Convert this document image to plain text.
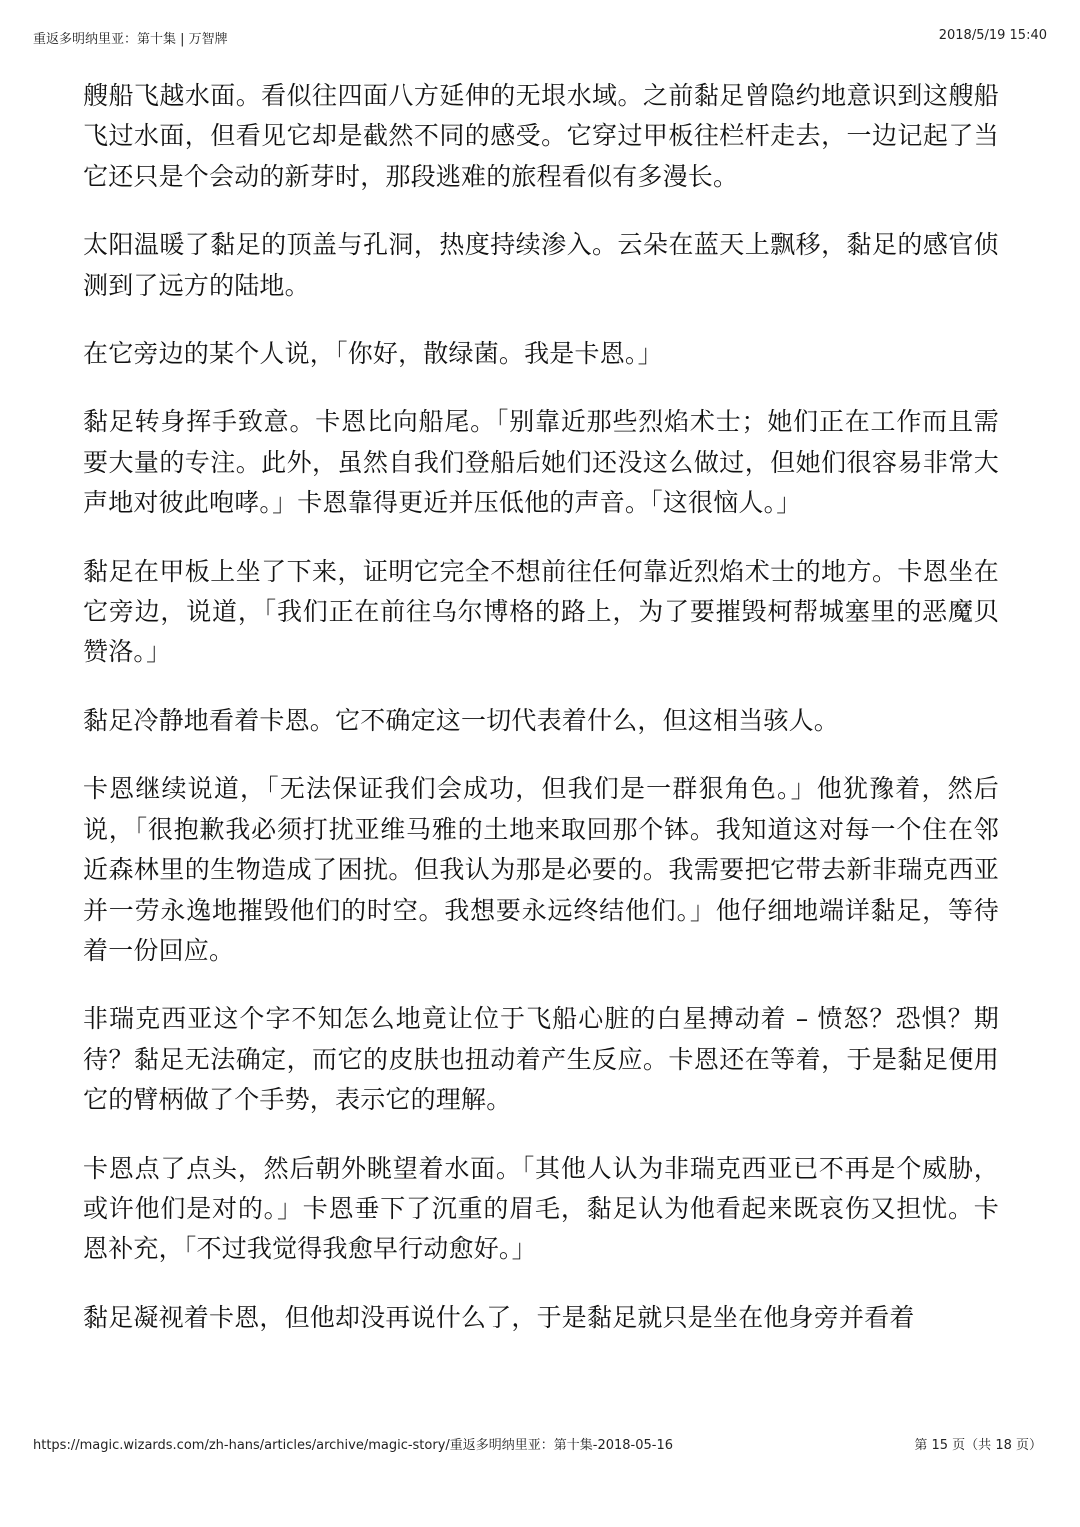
重返多明纳里亚：第十集 | 万智牌	2018/5/19 15:40

艘船飞越水面。看似往四面八方延伸的无垠水域。之前黏足曾隐约地意识到这艘船飞过水面，但看见它却是截然不同的感受。它穿过甲板往栏杆走去，一边记起了当它还只是个会动的新芽时，那段逃难的旅程看似有多漫长。

太阳温暖了黏足的顶盖与孔洞，热度持续渗入。云朵在蓝天上飘移，黏足的感官侦测到了远方的陆地。

在它旁边的某个人说，「你好，散绿菌。我是卡恩。」

黏足转身挥手致意。卡恩比向船尾。「别靠近那些烈焰术士；她们正在工作而且需要大量的专注。此外，虽然自我们登船后她们还没这么做过，但她们很容易非常大声地对彼此咆哮。」卡恩靠得更近并压低他的声音。「这很恼人。」

黏足在甲板上坐了下来，证明它完全不想前往任何靠近烈焰术士的地方。卡恩坐在它旁边，说道，「我们正在前往乌尔博格的路上，为了要摧毁柯帮城塞里的恶魔贝赞洛。」

黏足冷静地看着卡恩。它不确定这一切代表着什么，但这相当骇人。

卡恩继续说道，「无法保证我们会成功，但我们是一群狠角色。」他犹豫着，然后说，「很抱歉我必须打扰亚维马雅的土地来取回那个钵。我知道这对每一个住在邻近森林里的生物造成了困扰。但我认为那是必要的。我需要把它带去新非瑞克西亚并一劳永逸地摧毁他们的时空。我想要永远终结他们。」他仔细地端详黏足，等待着一份回应。

非瑞克西亚这个字不知怎么地竟让位于飞船心脏的白星搏动着 – 愤怒？恐惧？期待？黏足无法确定，而它的皮肤也扭动着产生反应。卡恩还在等着，于是黏足便用它的臂柄做了个手势，表示它的理解。

卡恩点了点头，然后朝外眺望着水面。「其他人认为非瑞克西亚已不再是个威胁，或许他们是对的。」卡恩垂下了沉重的眉毛，黏足认为他看起来既哀伤又担忧。卡恩补充，「不过我觉得我愈早行动愈好。」

黏足凝视着卡恩，但他却没再说什么了，于是黏足就只是坐在他身旁并看着

https://magic.wizards.com/zh-hans/articles/archive/magic-story/重返多明纳里亚：第十集-2018-05-16	第 15 页（共 18 页）
